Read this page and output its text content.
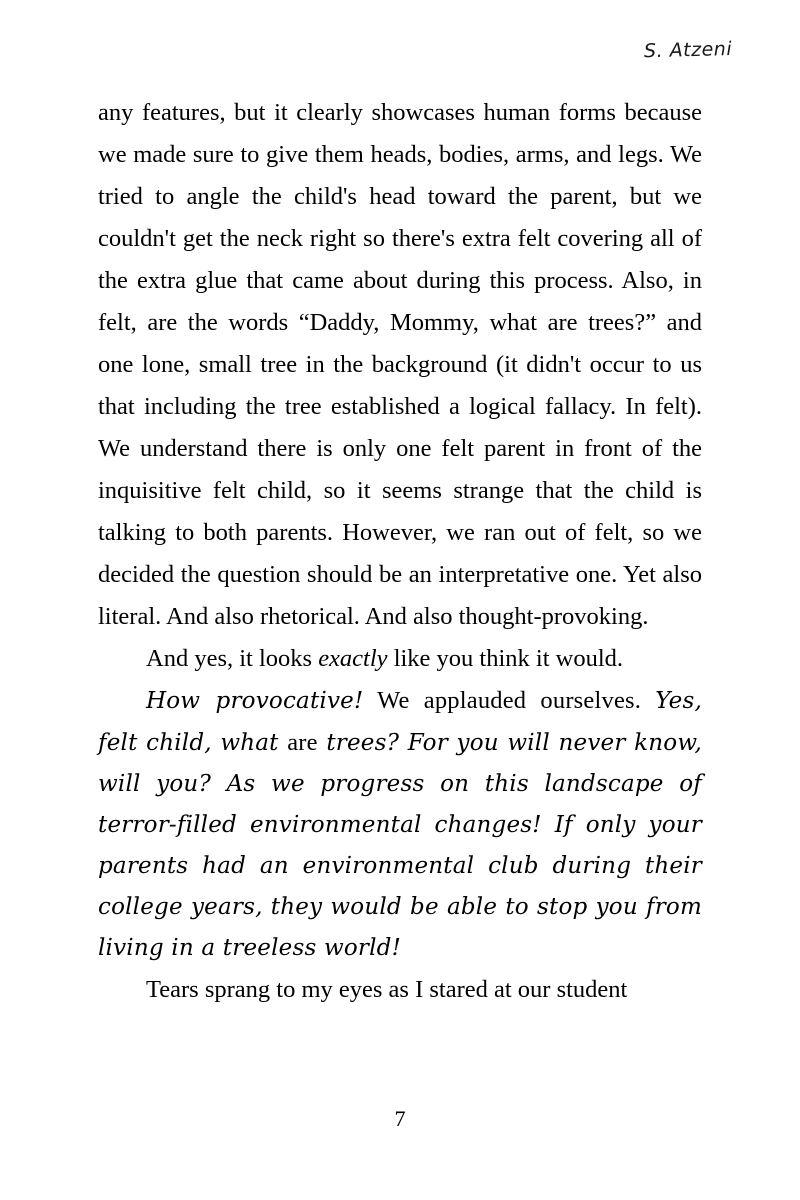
S. Atzeni

any features, but it clearly showcases human forms because we made sure to give them heads, bodies, arms, and legs. We tried to angle the child's head toward the parent, but we couldn't get the neck right so there's extra felt covering all of the extra glue that came about during this process. Also, in felt, are the words “Daddy, Mommy, what are trees?” and one lone, small tree in the background (it didn't occur to us that including the tree established a logical fallacy. In felt). We understand there is only one felt parent in front of the inquisitive felt child, so it seems strange that the child is talking to both parents. However, we ran out of felt, so we decided the question should be an interpretative one. Yet also literal. And also rhetorical. And also thought-provoking.

And yes, it looks exactly like you think it would.

How provocative! We applauded ourselves. Yes, felt child, what are trees? For you will never know, will you? As we progress on this landscape of terror-filled environmental changes! If only your parents had an environmental club during their college years, they would be able to stop you from living in a treeless world!

Tears sprang to my eyes as I stared at our student

7
